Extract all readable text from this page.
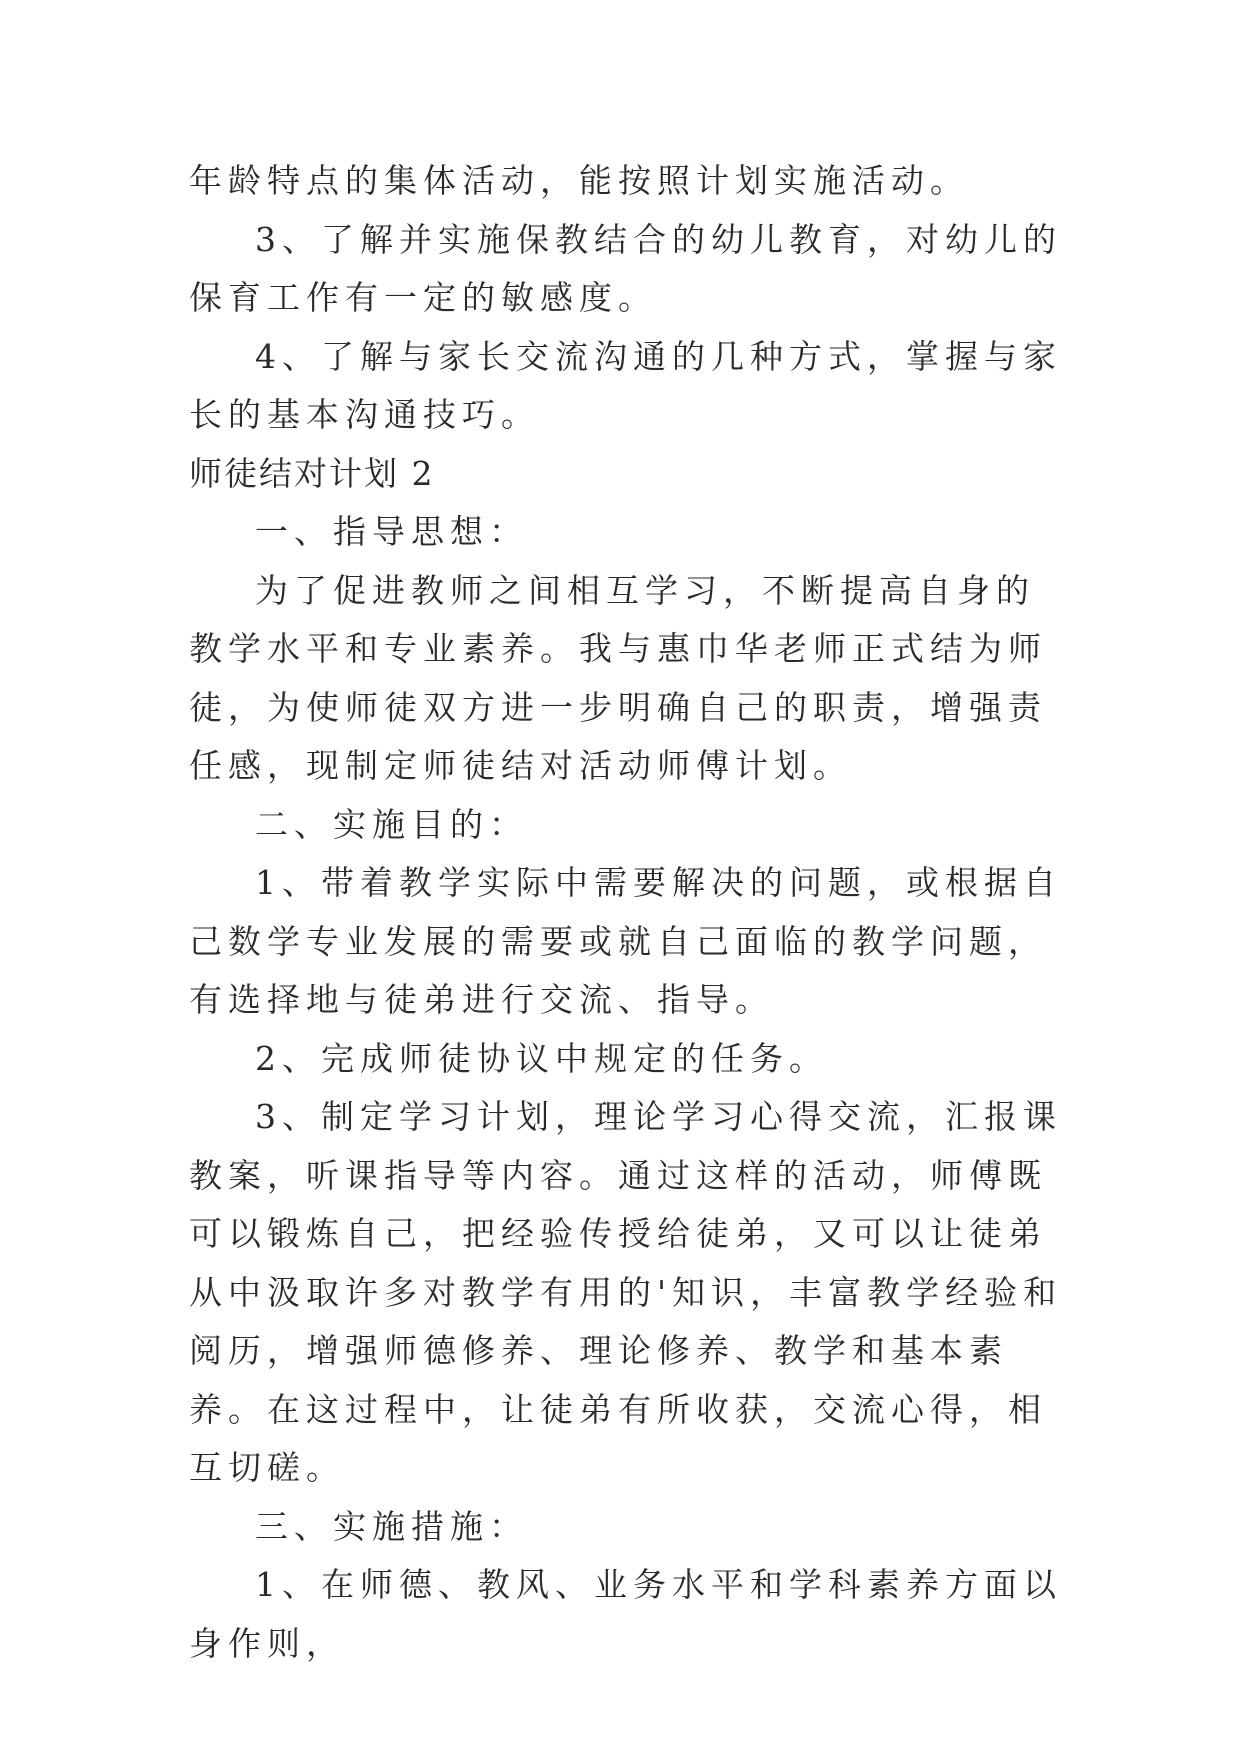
年龄特点的集体活动，能按照计划实施活动。

3、了解并实施保教结合的幼儿教育，对幼儿的保育工作有一定的敏感度。

4、了解与家长交流沟通的几种方式，掌握与家长的基本沟通技巧。

师徒结对计划 2

一、指导思想：

为了促进教师之间相互学习，不断提高自身的教学水平和专业素养。我与惠巾华老师正式结为师徒，为使师徒双方进一步明确自己的职责，增强责任感，现制定师徒结对活动师傅计划。

二、实施目的：

1、带着教学实际中需要解决的问题，或根据自己数学专业发展的需要或就自己面临的教学问题，有选择地与徒弟进行交流、指导。

2、完成师徒协议中规定的任务。

3、制定学习计划，理论学习心得交流，汇报课教案，听课指导等内容。通过这样的活动，师傅既可以锻炼自己，把经验传授给徒弟，又可以让徒弟从中汲取许多对教学有用的'知识，丰富教学经验和阅历，增强师德修养、理论修养、教学和基本素养。在这过程中，让徒弟有所收获，交流心得，相互切磋。

三、实施措施：

1、在师德、教风、业务水平和学科素养方面以身作则，
